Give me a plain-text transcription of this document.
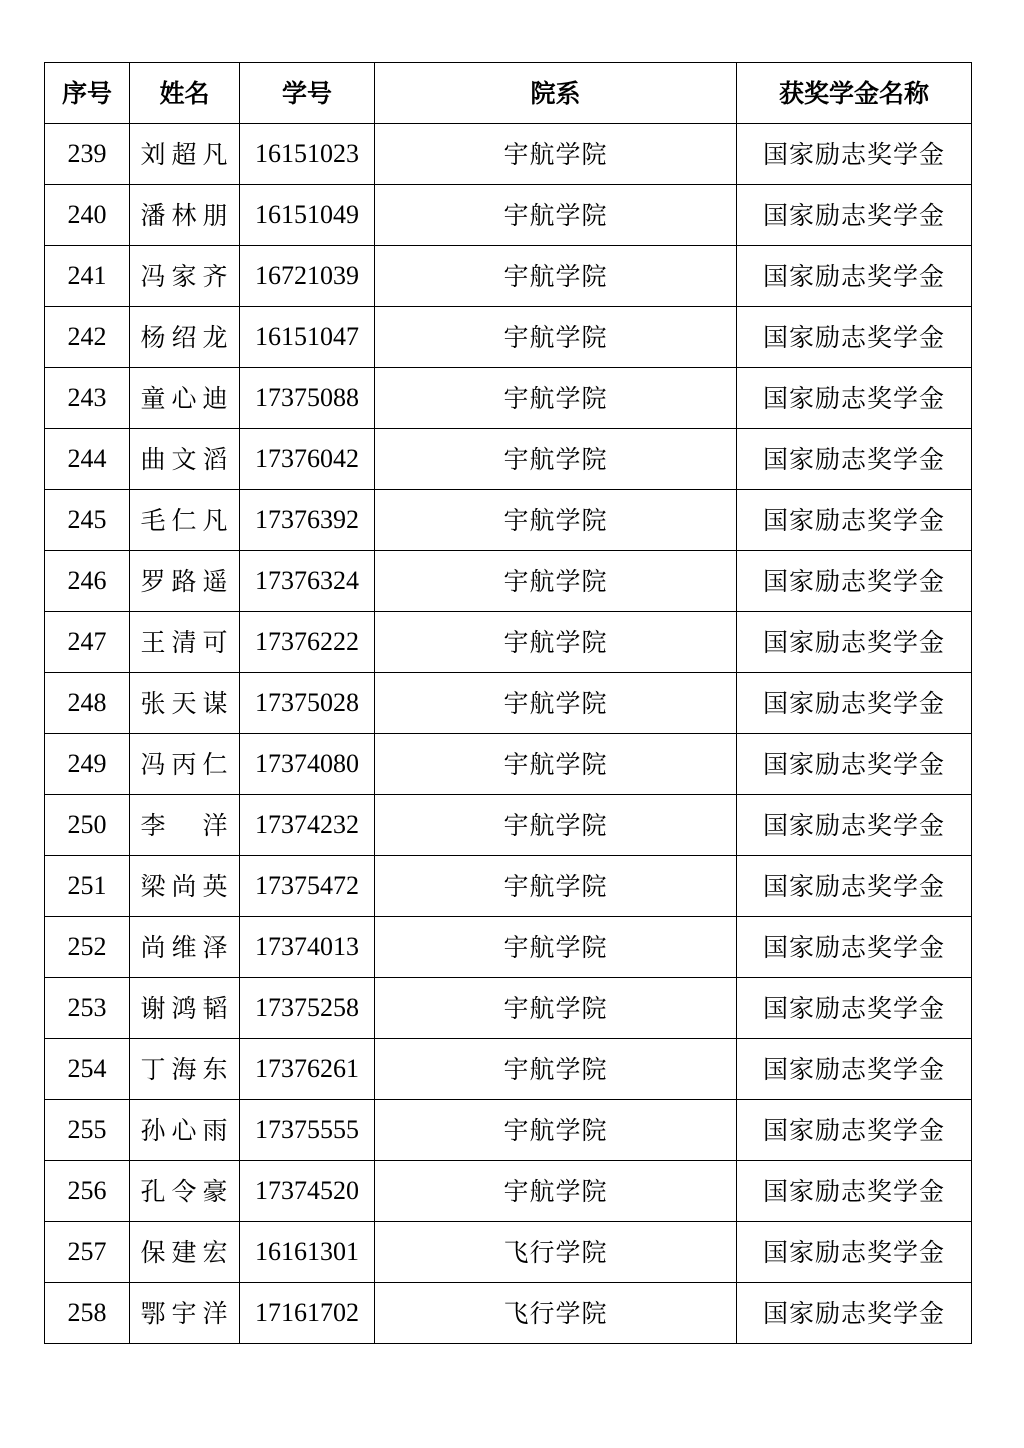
序号	姓名	学号	院系	获奖学金名称
239	刘超凡	16151023	宇航学院	国家励志奖学金
240	潘林朋	16151049	宇航学院	国家励志奖学金
241	冯家齐	16721039	宇航学院	国家励志奖学金
242	杨绍龙	16151047	宇航学院	国家励志奖学金
243	童心迪	17375088	宇航学院	国家励志奖学金
244	曲文滔	17376042	宇航学院	国家励志奖学金
245	毛仁凡	17376392	宇航学院	国家励志奖学金
246	罗路遥	17376324	宇航学院	国家励志奖学金
247	王清可	17376222	宇航学院	国家励志奖学金
248	张天谋	17375028	宇航学院	国家励志奖学金
249	冯丙仁	17374080	宇航学院	国家励志奖学金
250	李 洋	17374232	宇航学院	国家励志奖学金
251	梁尚英	17375472	宇航学院	国家励志奖学金
252	尚维泽	17374013	宇航学院	国家励志奖学金
253	谢鸿韬	17375258	宇航学院	国家励志奖学金
254	丁海东	17376261	宇航学院	国家励志奖学金
255	孙心雨	17375555	宇航学院	国家励志奖学金
256	孔令豪	17374520	宇航学院	国家励志奖学金
257	保建宏	16161301	飞行学院	国家励志奖学金
258	鄂宇洋	17161702	飞行学院	国家励志奖学金
